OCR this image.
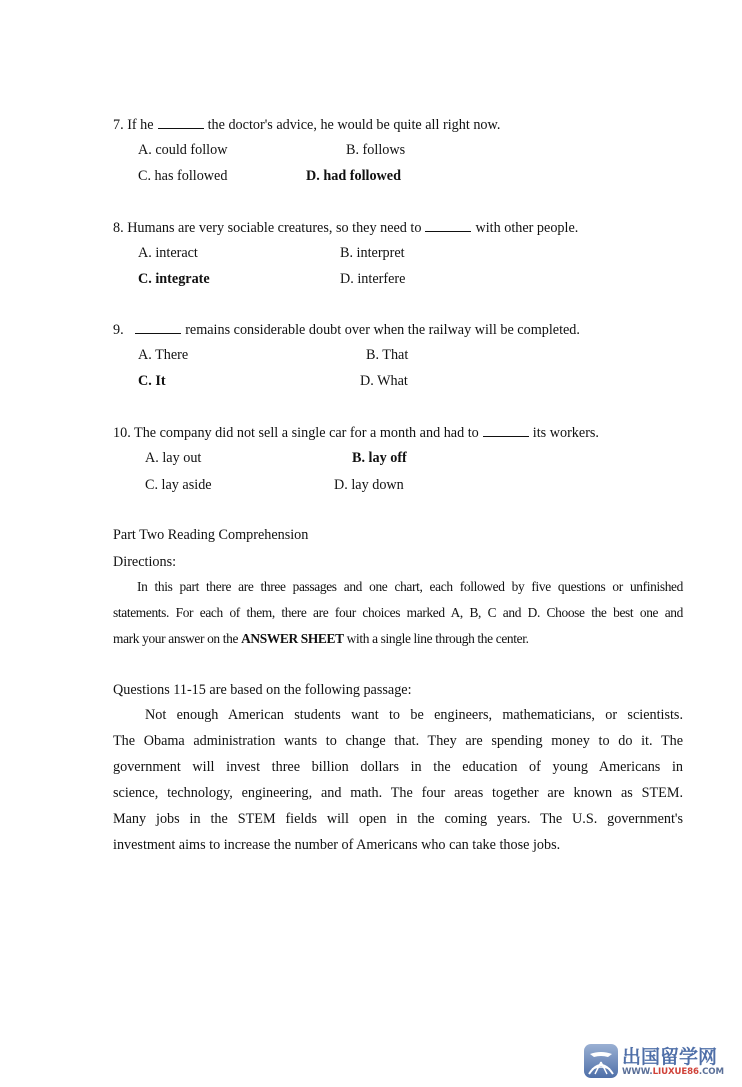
7. If he	the doctor's advice, he would be quite all right now.
A. could follow	B. follows
C. has followed	D. had followed
8. Humans are very sociable creatures, so they need to	with other people.
A. interact	B. interpret
C. integrate	D. interfere
9.	remains considerable doubt over when the railway will be completed.
A. There	B. That
C. It	D. What
10. The company did not sell a single car for a month and had to	its workers.
A. lay out	B. lay off
C. lay aside	D. lay down
Part Two Reading Comprehension
Directions:
In this part there are three passages and one chart, each followed by five questions or unfinished
statements. For each of them, there are four choices marked A, B, C and D. Choose the best one and
mark your answer on the ANSWER SHEET with a single line through the center.
Questions 11-15 are based on the following passage:
Not enough American students want to be engineers, mathematicians, or scientists.
The Obama administration wants to change that. They are spending money to do it. The
government will invest three billion dollars in the education of young Americans in
science, technology, engineering, and math. The four areas together are known as STEM.
Many jobs in the STEM fields will open in the coming years. The U.S. government's
investment aims to increase the number of Americans who can take those jobs.
出国留学网
WWW.LIUXUE86.COM
